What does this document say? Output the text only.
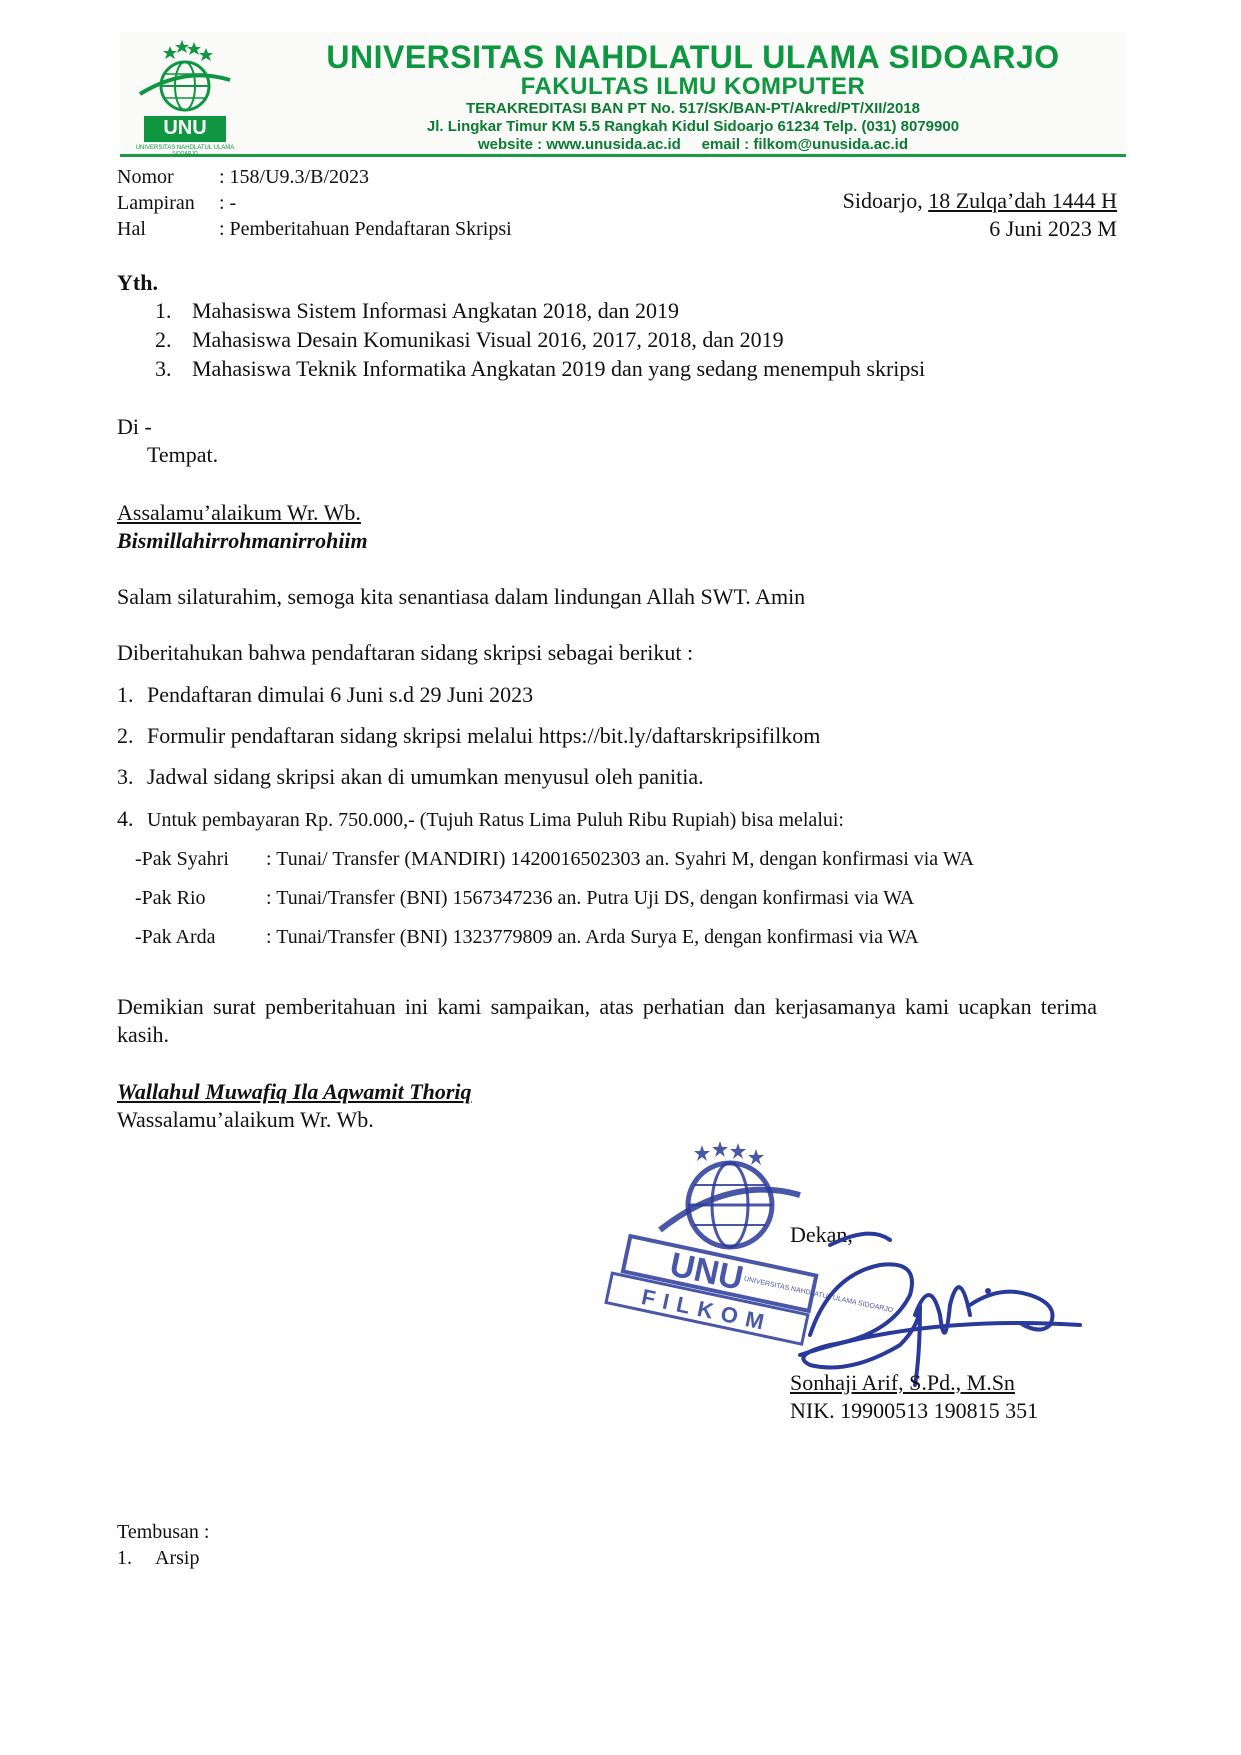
UNU
UNIVERSITAS NAHDLATUL ULAMA
UNIVERSITAS NAHDLATUL ULAMA SIDOARJO
FAKULTAS ILMU KOMPUTER
TERAKREDITASI BAN PT No. 517/SK/BAN-PT/Akred/PT/XII/2018
Jl. Lingkar Timur KM 5.5 Rangkah Kidul Sidoarjo 61234 Telp. (031) 8079900
website : www.unusida.ac.id     email : filkom@unusida.ac.id
Nomor : 158/U9.3/B/2023
Lampiran : -
Hal	: Pemberitahuan Pendaftaran Skripsi
Sidoarjo, 18 Zulqa’dah 1444 H
6 Juni 2023 M
Yth.
1. Mahasiswa Sistem Informasi Angkatan 2018, dan 2019
2. Mahasiswa Desain Komunikasi Visual 2016, 2017, 2018, dan 2019
3. Mahasiswa Teknik Informatika Angkatan 2019 dan yang sedang menempuh skripsi
Di -
Tempat.
Assalamu’alaikum Wr. Wb.
Bismillahirrohmanirrohiim
Salam silaturahim, semoga kita senantiasa dalam lindungan Allah SWT. Amin
Diberitahukan bahwa pendaftaran sidang skripsi sebagai berikut :
1. Pendaftaran dimulai 6 Juni s.d 29 Juni 2023
2. Formulir pendaftaran sidang skripsi melalui https://bit.ly/daftarskripsifilkom
3. Jadwal sidang skripsi akan di umumkan menyusul oleh panitia.
4. Untuk pembayaran Rp. 750.000,- (Tujuh Ratus Lima Puluh Ribu Rupiah) bisa melalui:
-Pak Syahri : Tunai/ Transfer (MANDIRI) 1420016502303 an. Syahri M, dengan konfirmasi via WA
-Pak Rio	: Tunai/Transfer (BNI) 1567347236 an. Putra Uji DS, dengan konfirmasi via WA
-Pak Arda	: Tunai/Transfer (BNI) 1323779809 an. Arda Surya E, dengan konfirmasi via WA
Demikian surat pemberitahuan ini kami sampaikan, atas perhatian dan kerjasamanya kami ucapkan terima kasih.
Wallahul Muwafiq Ila Aqwamit Thoriq
Wassalamu’alaikum Wr. Wb.
UNU
UNIVERSITAS NAHDLATUL ULAMA SIDOARJO
FILKOM
Dekan,
Sonhaji Arif, S.Pd., M.Sn
NIK. 19900513 190815 351
Tembusan :
1. Arsip
